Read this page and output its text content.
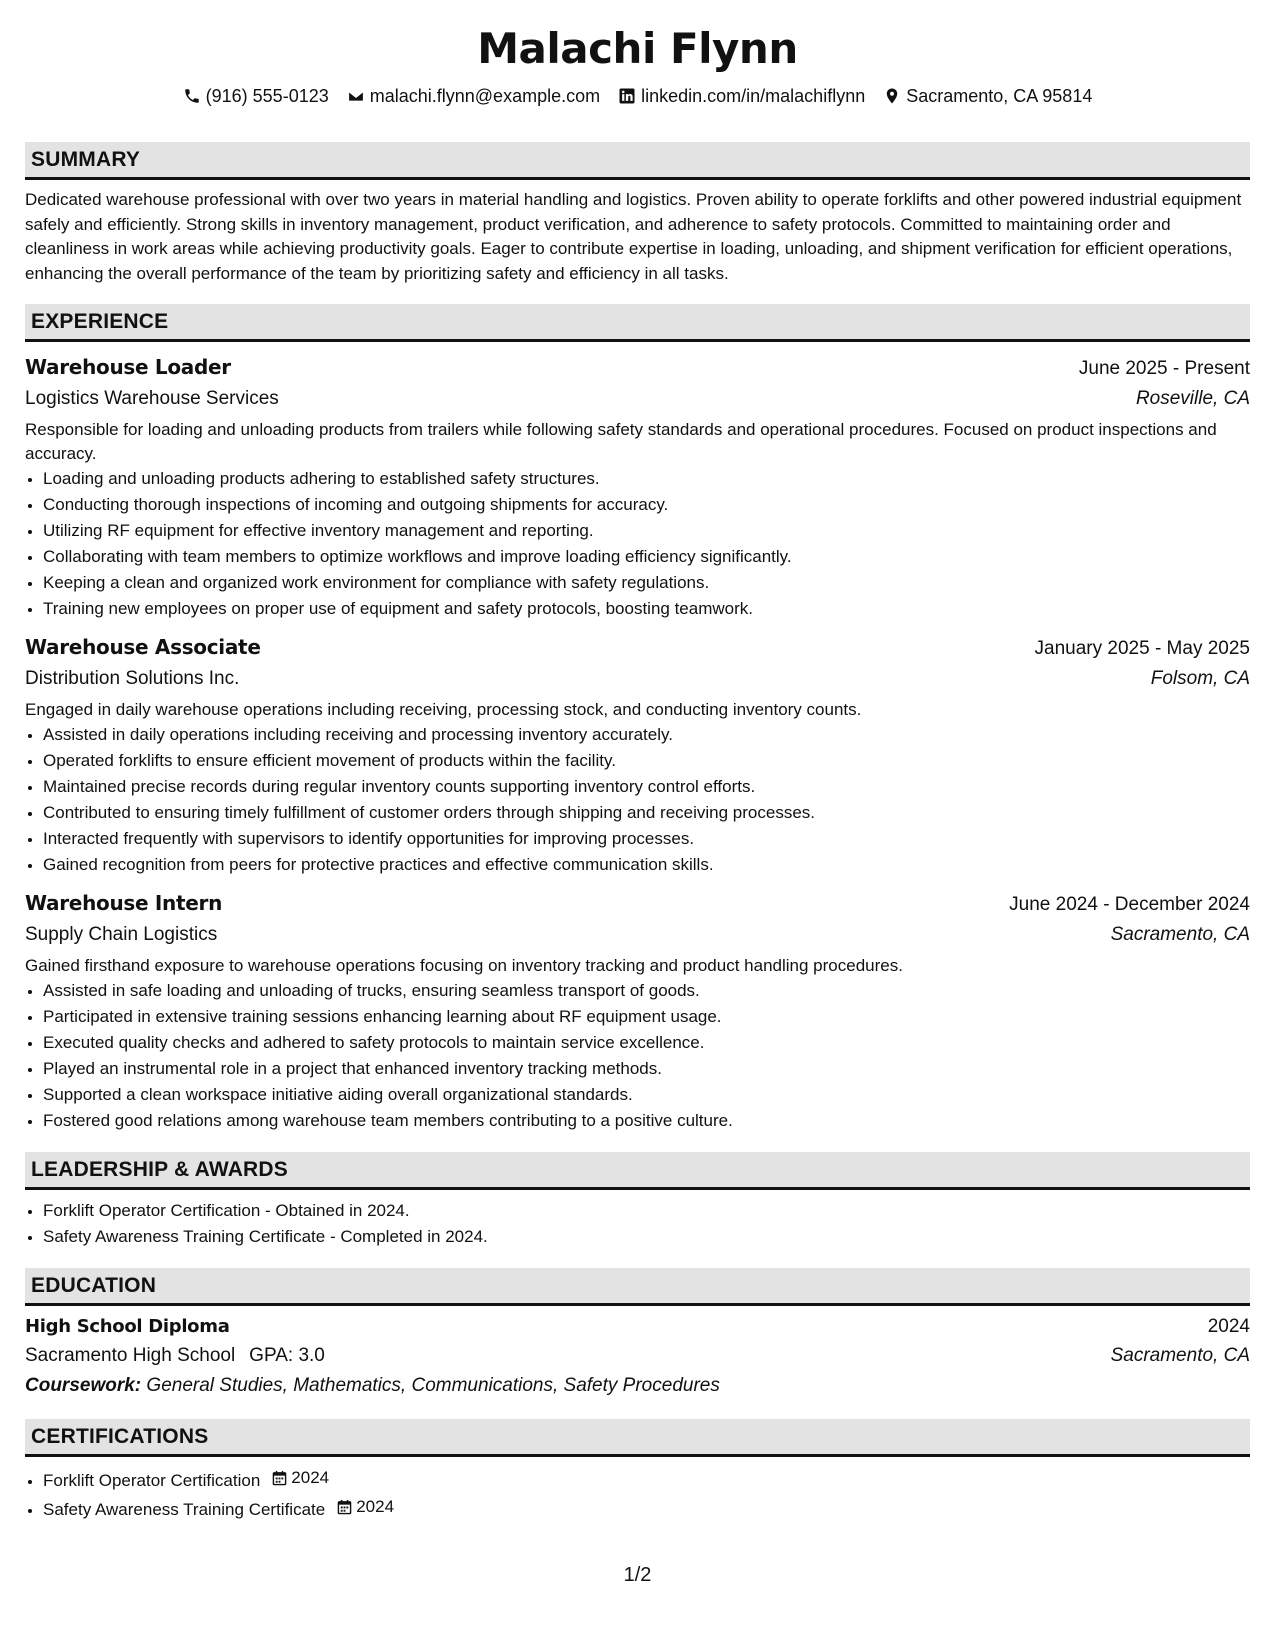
Malachi Flynn
(916) 555-0123 malachi.flynn@example.com linkedin.com/in/malachiflynn Sacramento, CA 95814
SUMMARY
Dedicated warehouse professional with over two years in material handling and logistics. Proven ability to operate forklifts and other powered industrial equipment safely and efficiently. Strong skills in inventory management, product verification, and adherence to safety protocols. Committed to maintaining order and cleanliness in work areas while achieving productivity goals. Eager to contribute expertise in loading, unloading, and shipment verification for efficient operations, enhancing the overall performance of the team by prioritizing safety and efficiency in all tasks.
EXPERIENCE
Warehouse Loader	June 2025 - Present
Logistics Warehouse Services	Roseville, CA
Responsible for loading and unloading products from trailers while following safety standards and operational procedures. Focused on product inspections and accuracy.
• Loading and unloading products adhering to established safety structures.
• Conducting thorough inspections of incoming and outgoing shipments for accuracy.
• Utilizing RF equipment for effective inventory management and reporting.
• Collaborating with team members to optimize workflows and improve loading efficiency significantly.
• Keeping a clean and organized work environment for compliance with safety regulations.
• Training new employees on proper use of equipment and safety protocols, boosting teamwork.
Warehouse Associate	January 2025 - May 2025
Distribution Solutions Inc.	Folsom, CA
Engaged in daily warehouse operations including receiving, processing stock, and conducting inventory counts.
• Assisted in daily operations including receiving and processing inventory accurately.
• Operated forklifts to ensure efficient movement of products within the facility.
• Maintained precise records during regular inventory counts supporting inventory control efforts.
• Contributed to ensuring timely fulfillment of customer orders through shipping and receiving processes.
• Interacted frequently with supervisors to identify opportunities for improving processes.
• Gained recognition from peers for protective practices and effective communication skills.
Warehouse Intern	June 2024 - December 2024
Supply Chain Logistics	Sacramento, CA
Gained firsthand exposure to warehouse operations focusing on inventory tracking and product handling procedures.
• Assisted in safe loading and unloading of trucks, ensuring seamless transport of goods.
• Participated in extensive training sessions enhancing learning about RF equipment usage.
• Executed quality checks and adhered to safety protocols to maintain service excellence.
• Played an instrumental role in a project that enhanced inventory tracking methods.
• Supported a clean workspace initiative aiding overall organizational standards.
• Fostered good relations among warehouse team members contributing to a positive culture.
LEADERSHIP & AWARDS
• Forklift Operator Certification - Obtained in 2024.
• Safety Awareness Training Certificate - Completed in 2024.
EDUCATION
High School Diploma	2024
Sacramento High School GPA: 3.0	Sacramento, CA
Coursework: General Studies, Mathematics, Communications, Safety Procedures
CERTIFICATIONS
• Forklift Operator Certification 2024
• Safety Awareness Training Certificate 2024
1/2
